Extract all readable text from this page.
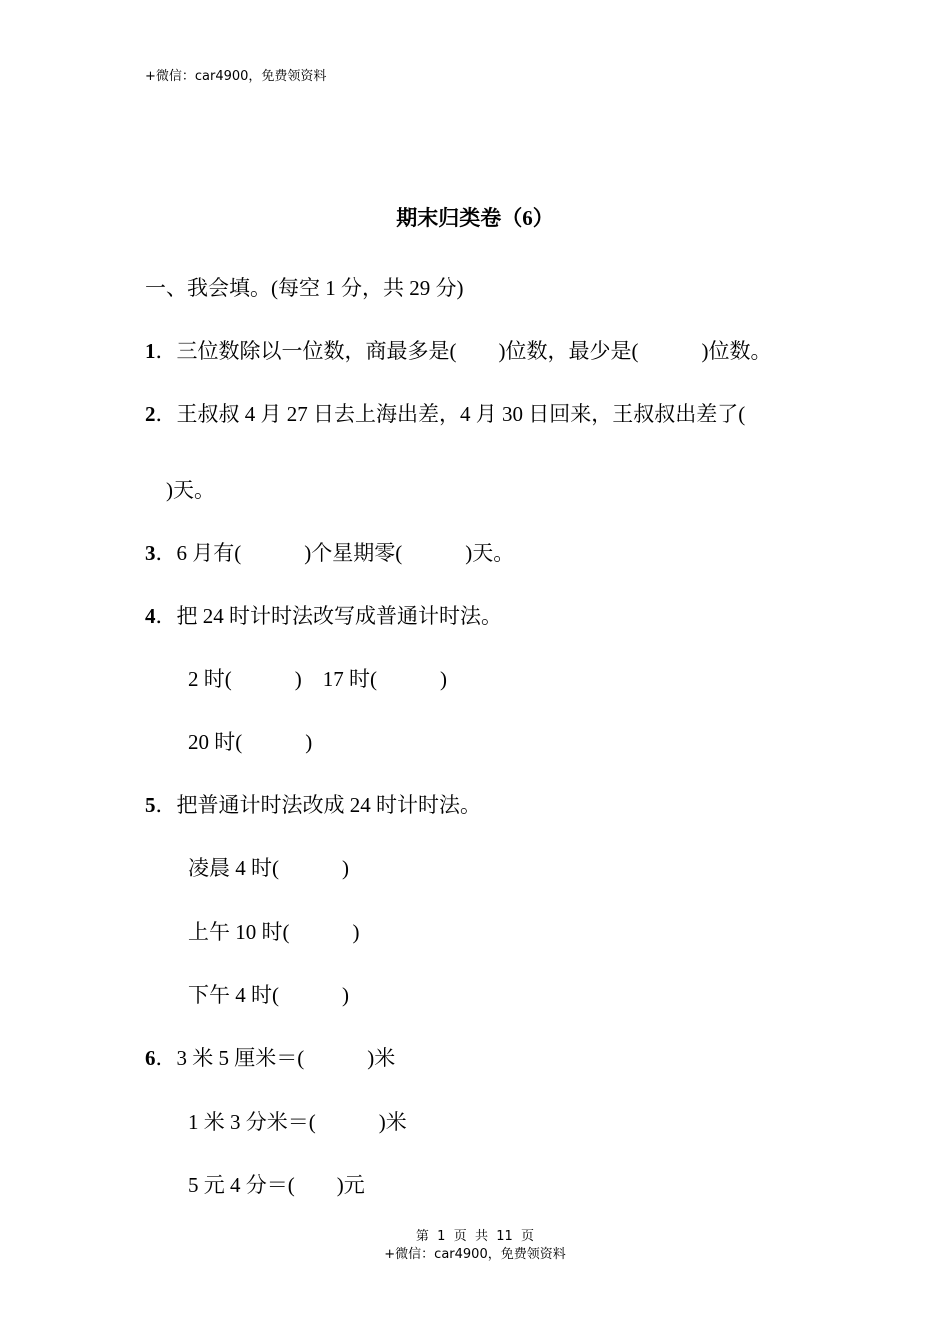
+微信：car4900，免费领资料
期末归类卷（6）
一、我会填。(每空 1 分，共 29 分)
1．三位数除以一位数，商最多是(        )位数，最少是(            )位数。
2．王叔叔 4 月 27 日去上海出差，4 月 30 日回来，王叔叔出差了(
)天。
3．6 月有(            )个星期零(            )天。
4．把 24 时计时法改写成普通计时法。
2 时(            )    17 时(            )
20 时(            )
5．把普通计时法改成 24 时计时法。
凌晨 4 时(            )
上午 10 时(            )
下午 4 时(            )
6．3 米 5 厘米＝(            )米
1 米 3 分米＝(            )米
5 元 4 分＝(        )元
第  1  页  共  11  页
+微信：car4900，免费领资料
